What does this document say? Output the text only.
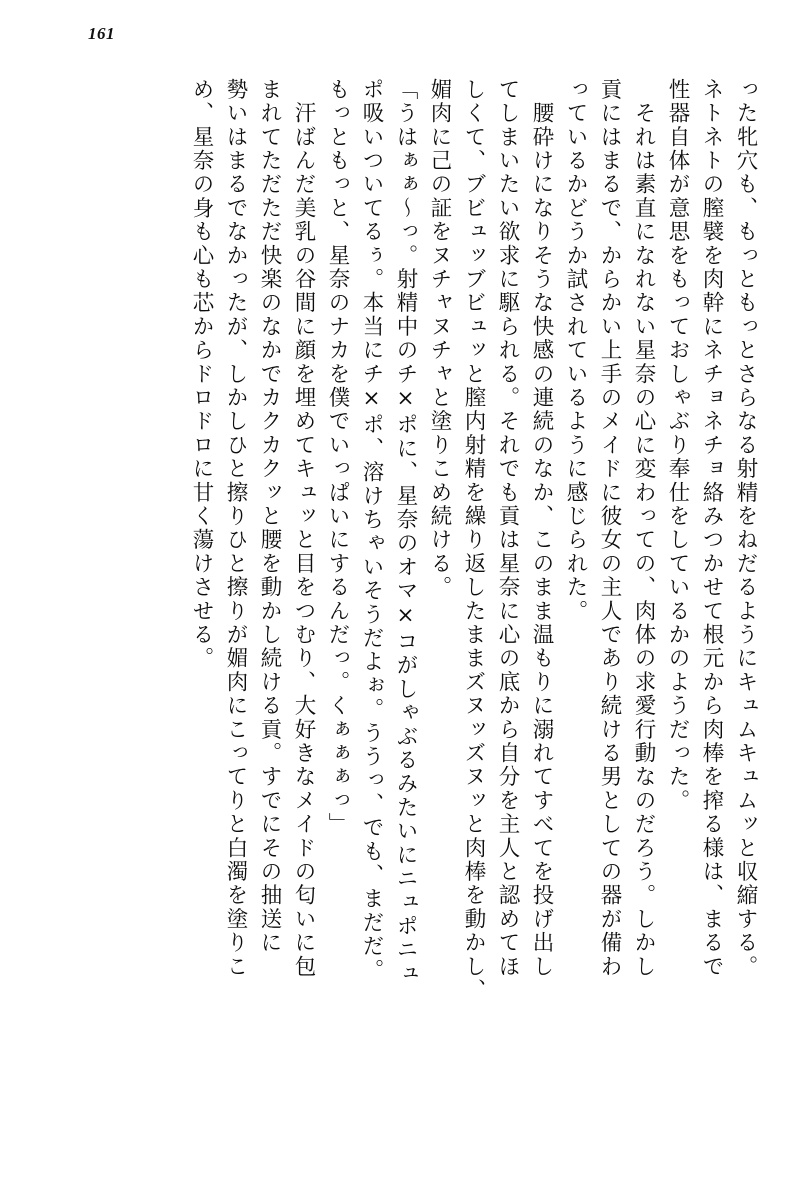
161
った牝穴も、もっともっとさらなる射精をねだるようにキュムキュムッと収縮する。
ネトネトの膣襞を肉幹にネチョネチョ絡みつかせて根元から肉棒を搾る様は、まるで
性器自体が意思をもっておしゃぶり奉仕をしているかのようだった。
　それは素直になれない星奈の心に変わっての、肉体の求愛行動なのだろう。しかし
貢にはまるで、からかい上手のメイドに彼女の主人であり続ける男としての器が備わ
っているかどうか試されているように感じられた。
　腰砕けになりそうな快感の連続のなか、このまま温もりに溺れてすべてを投げ出し
てしまいたい欲求に駆られる。それでも貢は星奈に心の底から自分を主人と認めてほ
しくて、ブビュッブビュッと膣内射精を繰り返したままズヌッズヌッと肉棒を動かし、
媚肉に己の証をヌチャヌチャと塗りこめ続ける。
「うはぁぁ～っ。射精中のチ×ポに、星奈のオマ×コがしゃぶるみたいにニュポニュ
ポ吸いついてるぅ。本当にチ×ポ、溶けちゃいそうだよぉ。ううっ、でも、まだだ。
もっともっと、星奈のナカを僕でいっぱいにするんだっ。くぁぁぁっ」
　汗ばんだ美乳の谷間に顔を埋めてキュッと目をつむり、大好きなメイドの匂いに包
まれてただただ快楽のなかでカクカクッと腰を動かし続ける貢。すでにその抽送に
勢いはまるでなかったが、しかしひと擦りひと擦りが媚肉にこってりと白濁を塗りこ
め、星奈の身も心も芯からドロドロに甘く蕩けさせる。
